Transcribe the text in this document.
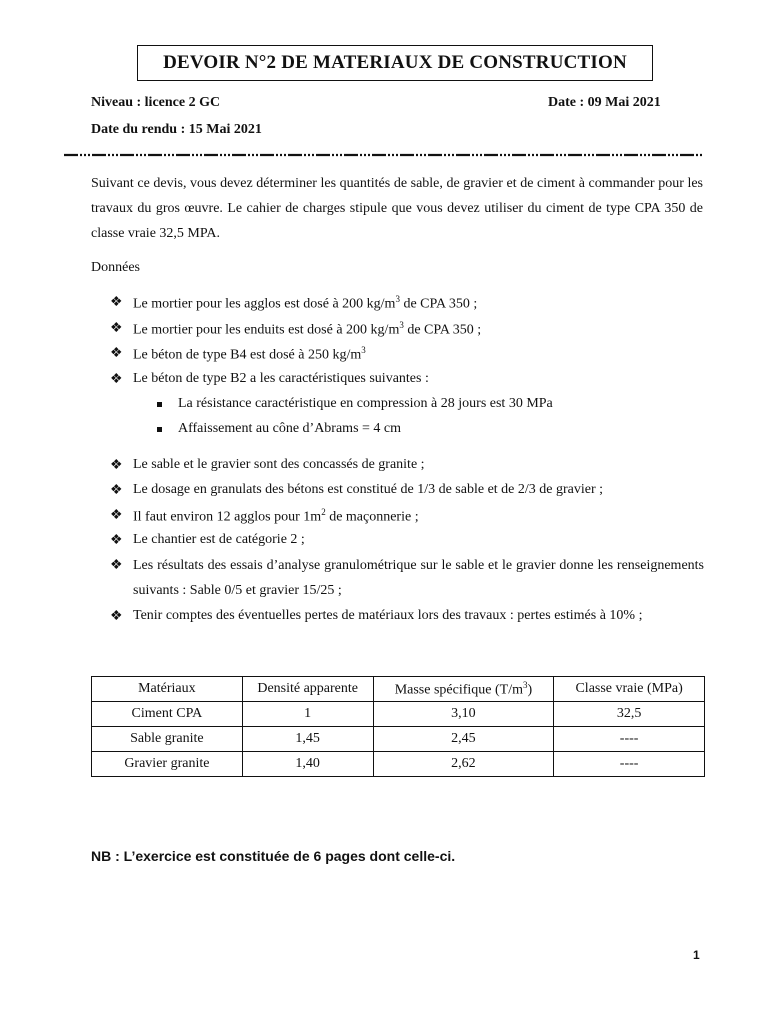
DEVOIR N°2 DE MATERIAUX DE CONSTRUCTION
Niveau : licence 2 GC	Date : 09 Mai 2021
Date du rendu : 15 Mai 2021

Suivant ce devis, vous devez déterminer les quantités de sable, de gravier et de ciment à commander pour les travaux du gros œuvre. Le cahier de charges stipule que vous devez utiliser du ciment de type CPA 350 de classe vraie 32,5 MPA.

Données
❖ Le mortier pour les agglos est dosé à 200 $kg/m^3$ de CPA 350 ;
❖ Le mortier pour les enduits est dosé à 200 $kg/m^3$ de CPA 350 ;
❖ Le béton de type B4 est dosé à 250 $kg/m^3$
❖ Le béton de type B2 a les caractéristiques suivantes :
La résistance caractéristique en compression à 28 jours est 30 MPa
Affaissement au cône d’Abrams = 4 cm
❖ Le sable et le gravier sont des concassés de granite ;
❖ Le dosage en granulats des bétons est constitué de 1/3 de sable et de 2/3 de gravier ;
❖ Il faut environ 12 agglos pour $1m^2$ de maçonnerie ;
❖ Le chantier est de catégorie 2 ;
❖ Les résultats des essais d’analyse granulométrique sur le sable et le gravier donne les renseignements suivants : Sable 0/5 et gravier 15/25 ;

❖ Tenir comptes des éventuelles pertes de matériaux lors des travaux : pertes estimés à 10% ;
Matériaux	Densité apparente	Masse spécifique $(T/m^3)$	Classe vraie (MPa)
Ciment CPA	1	3,10	32,5
Sable granite	1,45	2,45	----
Gravier granite	1,40	2,62	----
NB : L’exercice est constituée de 6 pages dont celle-ci.
1
